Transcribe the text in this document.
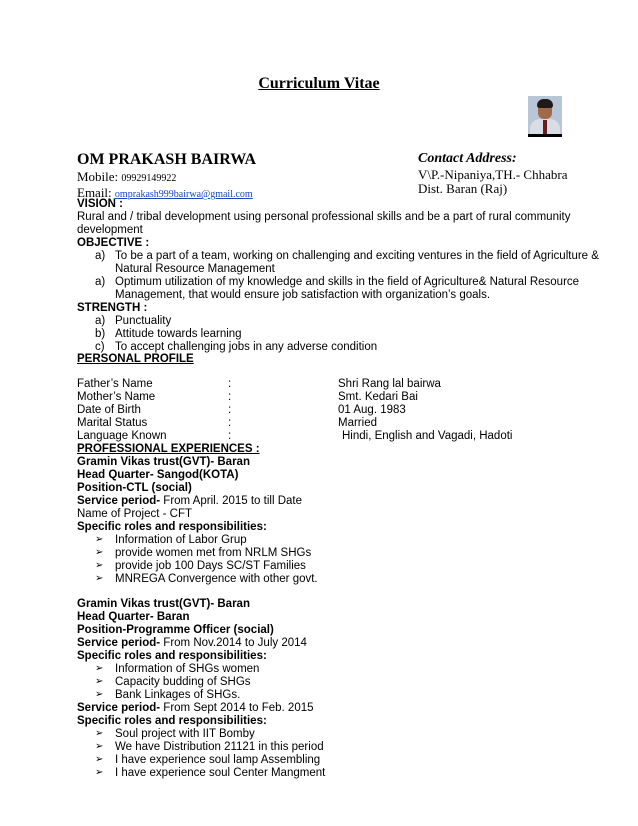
Curriculum Vitae
OM PRAKASH BAIRWA	Contact Address:
Mobile: 09929149922	V\P.-Nipaniya,TH.- Chhabra
Email: omprakash999bairwa@gmail.com	Dist. Baran (Raj)
VISION :
Rural and / tribal development using personal professional skills and be a part of rural community
development
OBJECTIVE :
a) To be a part of a team, working on challenging and exciting ventures in the field of Agriculture &
Natural Resource Management
a) Optimum utilization of my knowledge and skills in the field of Agriculture& Natural Resource
Management, that would ensure job satisfaction with organization’s goals.
STRENGTH :
a) Punctuality
b) Attitude towards learning
c) To accept challenging jobs in any adverse condition
PERSONAL PROFILE
Father’s Name	:	Shri Rang lal bairwa
Mother’s Name	:	Smt. Kedari Bai
Date of Birth	:	01 Aug. 1983
Marital Status	:	Married
Language Known	:	Hindi, English and Vagadi, Hadoti
PROFESSIONAL EXPERIENCES :
Gramin Vikas trust(GVT)- Baran
Head Quarter- Sangod(KOTA)
Position-CTL (social)
Service period- From April. 2015 to till Date
Name of Project - CFT
Specific roles and responsibilities:
➢ Information of Labor Grup
➢ provide women met from NRLM SHGs
➢ provide job 100 Days SC/ST Families
➢ MNREGA Convergence with other govt.
Gramin Vikas trust(GVT)- Baran
Head Quarter- Baran
Position-Programme Officer (social)
Service period- From Nov.2014 to July 2014
Specific roles and responsibilities:
➢ Information of SHGs women
➢ Capacity budding of SHGs
➢ Bank Linkages of SHGs.
Service period- From Sept 2014 to Feb. 2015
Specific roles and responsibilities:
➢ Soul project with IIT Bomby
➢ We have Distribution 21121 in this period
➢ I have experience soul lamp Assembling
➢ I have experience soul Center Mangment
